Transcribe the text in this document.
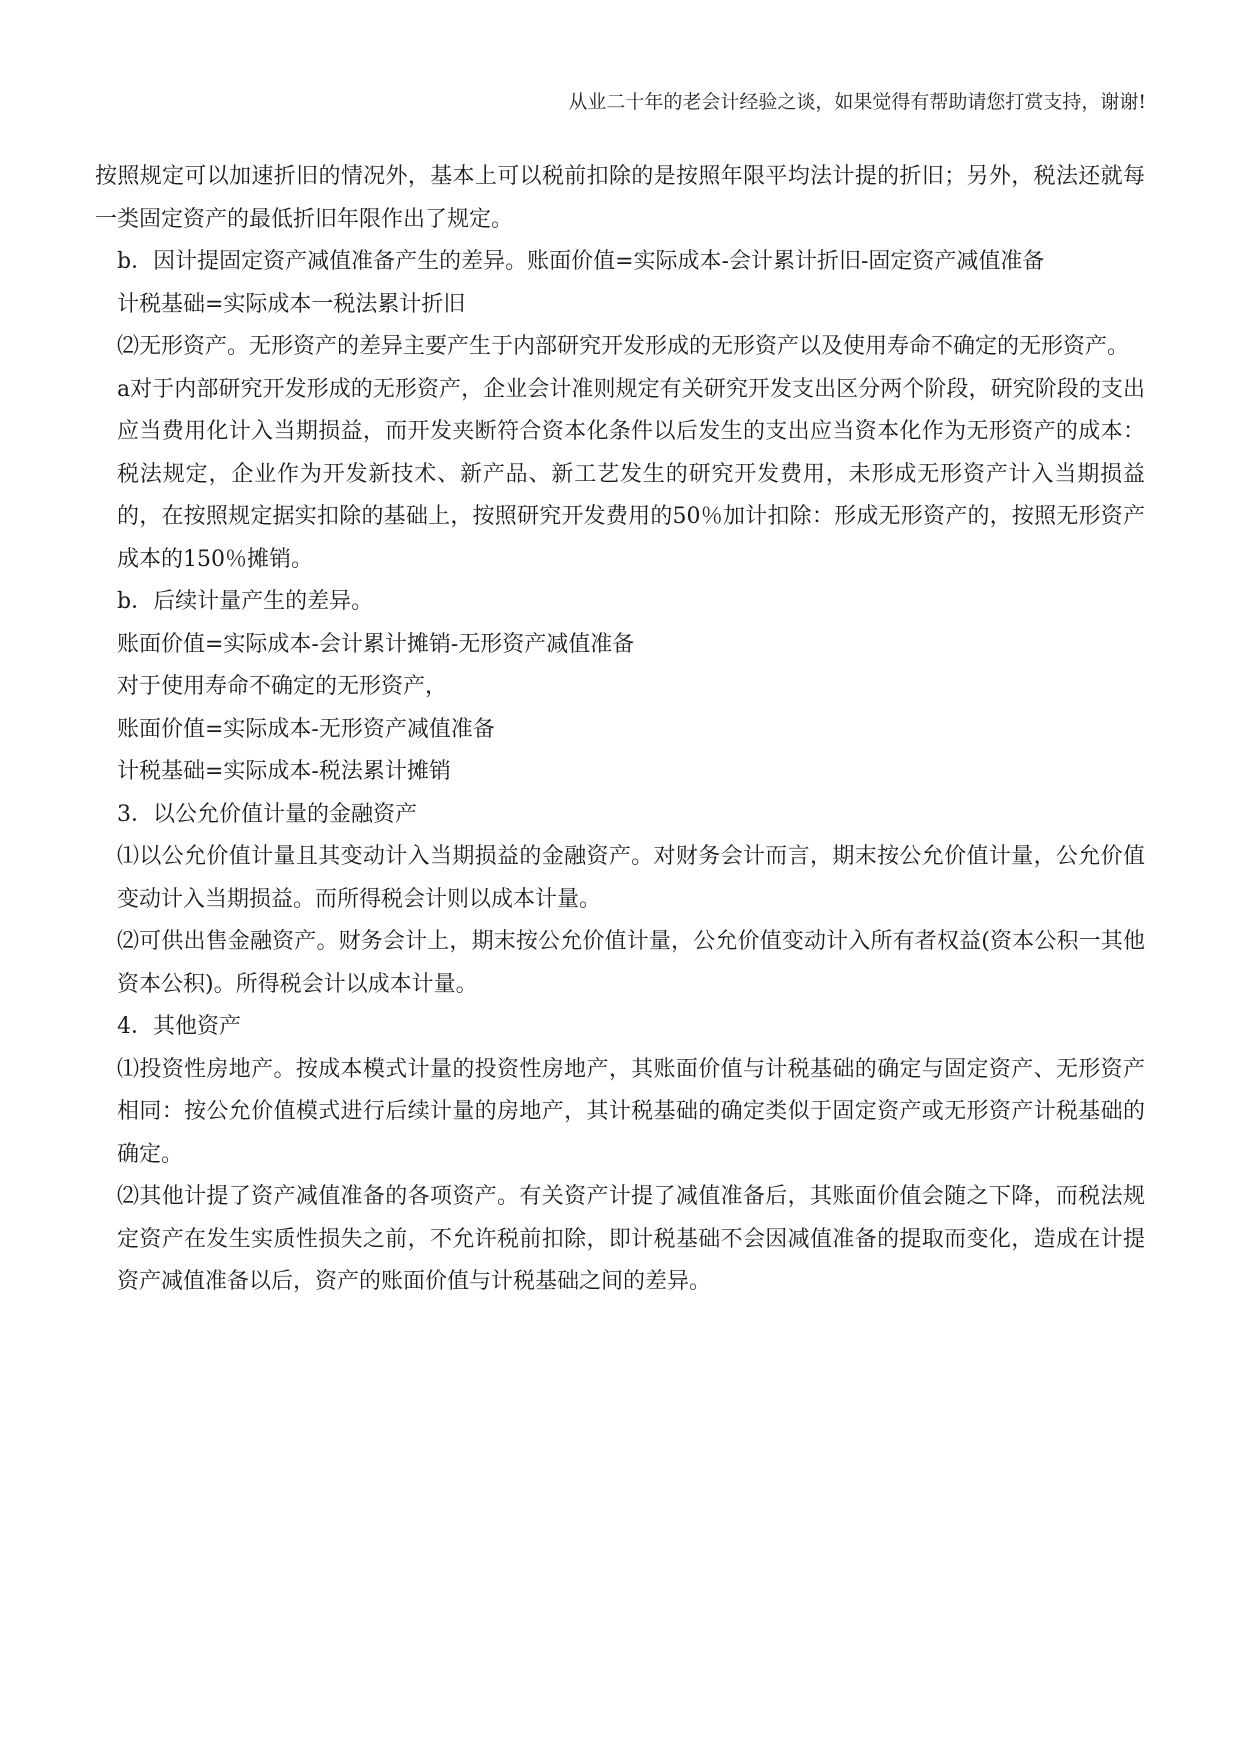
从业二十年的老会计经验之谈，如果觉得有帮助请您打赏支持，谢谢!

按照规定可以加速折旧的情况外，基本上可以税前扣除的是按照年限平均法计提的折旧；另外，税法还就每一类固定资产的最低折旧年限作出了规定。

b．因计提固定资产减值准备产生的差异。账面价值=实际成本-会计累计折旧-固定资产减值准备

计税基础=实际成本一税法累计折旧

⑵无形资产。无形资产的差异主要产生于内部研究开发形成的无形资产以及使用寿命不确定的无形资产。

a对于内部研究开发形成的无形资产，企业会计准则规定有关研究开发支出区分两个阶段，研究阶段的支出应当费用化计入当期损益，而开发夹断符合资本化条件以后发生的支出应当资本化作为无形资产的成本：税法规定，企业作为开发新技术、新产品、新工艺发生的研究开发费用，未形成无形资产计入当期损益的，在按照规定据实扣除的基础上，按照研究开发费用的50％加计扣除：形成无形资产的，按照无形资产成本的150％摊销。

b．后续计量产生的差异。

账面价值=实际成本-会计累计摊销-无形资产减值准备

对于使用寿命不确定的无形资产，

账面价值=实际成本-无形资产减值准备

计税基础=实际成本-税法累计摊销

3．以公允价值计量的金融资产

⑴以公允价值计量且其变动计入当期损益的金融资产。对财务会计而言，期末按公允价值计量，公允价值变动计入当期损益。而所得税会计则以成本计量。

⑵可供出售金融资产。财务会计上，期末按公允价值计量，公允价值变动计入所有者权益(资本公积一其他资本公积)。所得税会计以成本计量。

4．其他资产

⑴投资性房地产。按成本模式计量的投资性房地产，其账面价值与计税基础的确定与固定资产、无形资产相同：按公允价值模式进行后续计量的房地产，其计税基础的确定类似于固定资产或无形资产计税基础的确定。

⑵其他计提了资产减值准备的各项资产。有关资产计提了减值准备后，其账面价值会随之下降，而税法规定资产在发生实质性损失之前，不允许税前扣除，即计税基础不会因减值准备的提取而变化，造成在计提资产减值准备以后，资产的账面价值与计税基础之间的差异。
